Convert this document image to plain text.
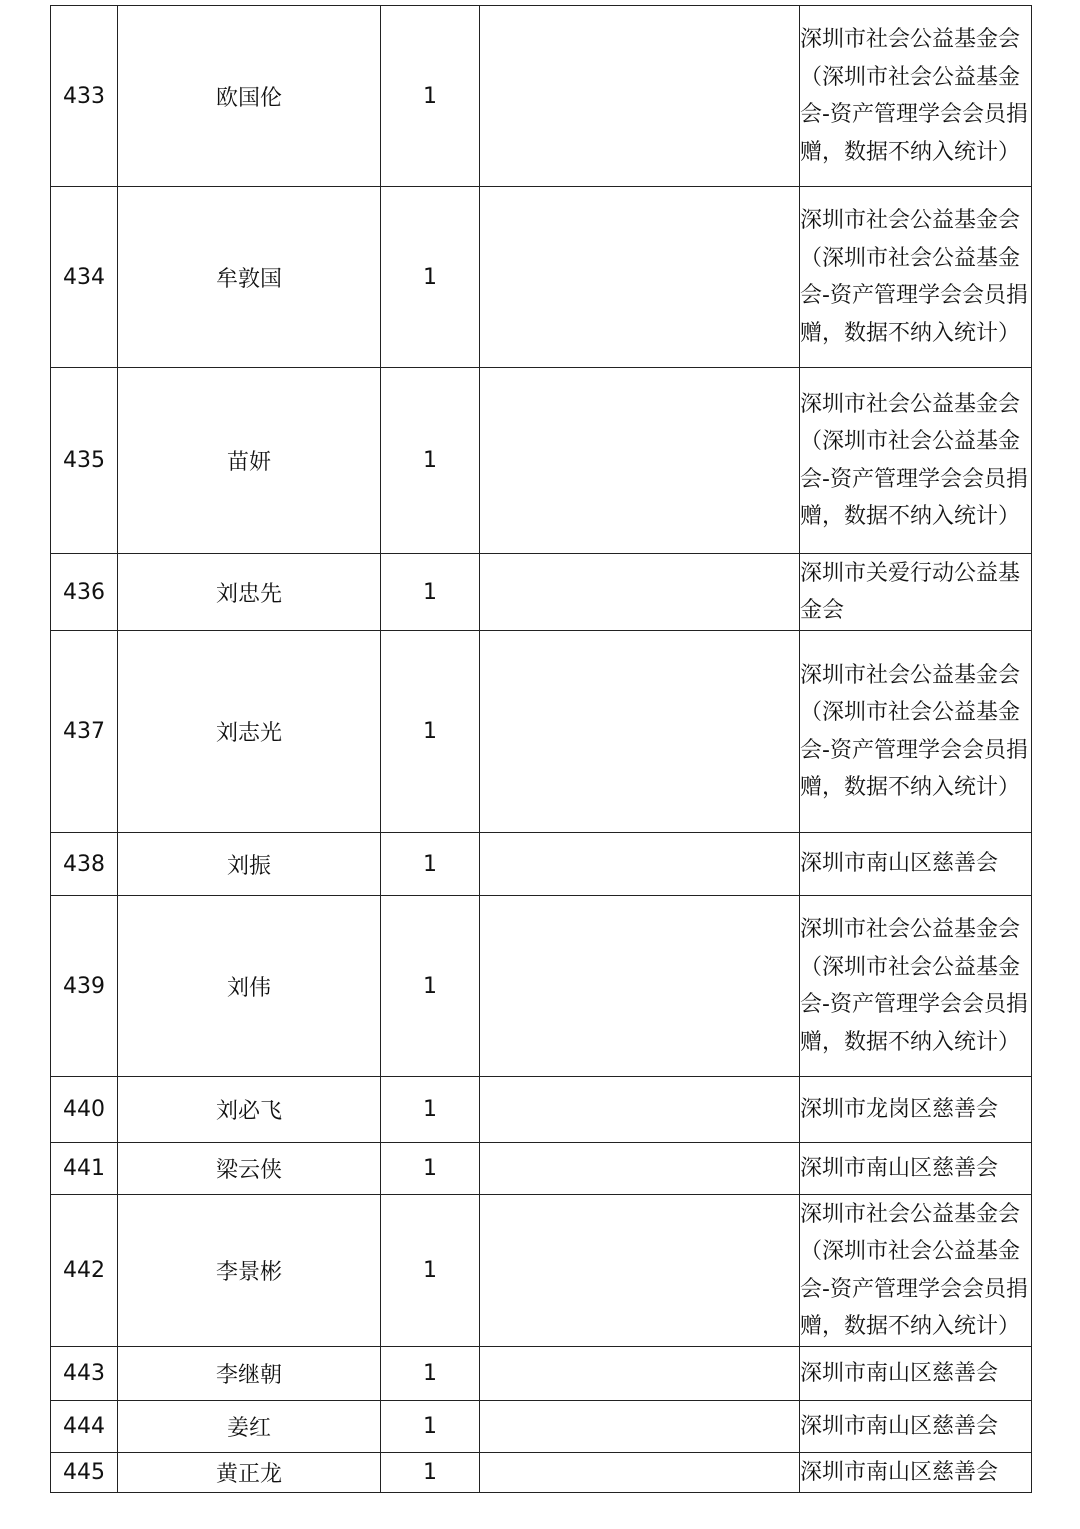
433	欧国伦	1		深圳市社会公益基金会（深圳市社会公益基金会-资产管理学会会员捐赠，数据不纳入统计）
434	牟敦国	1		深圳市社会公益基金会（深圳市社会公益基金会-资产管理学会会员捐赠，数据不纳入统计）
435	苗妍	1		深圳市社会公益基金会（深圳市社会公益基金会-资产管理学会会员捐赠，数据不纳入统计）
436	刘忠先	1		深圳市关爱行动公益基金会
437	刘志光	1		深圳市社会公益基金会（深圳市社会公益基金会-资产管理学会会员捐赠，数据不纳入统计）
438	刘振	1		深圳市南山区慈善会
439	刘伟	1		深圳市社会公益基金会（深圳市社会公益基金会-资产管理学会会员捐赠，数据不纳入统计）
440	刘必飞	1		深圳市龙岗区慈善会
441	梁云侠	1		深圳市南山区慈善会
442	李景彬	1		深圳市社会公益基金会（深圳市社会公益基金会-资产管理学会会员捐赠，数据不纳入统计）
443	李继朝	1		深圳市南山区慈善会
444	姜红	1		深圳市南山区慈善会
445	黄正龙	1		深圳市南山区慈善会
